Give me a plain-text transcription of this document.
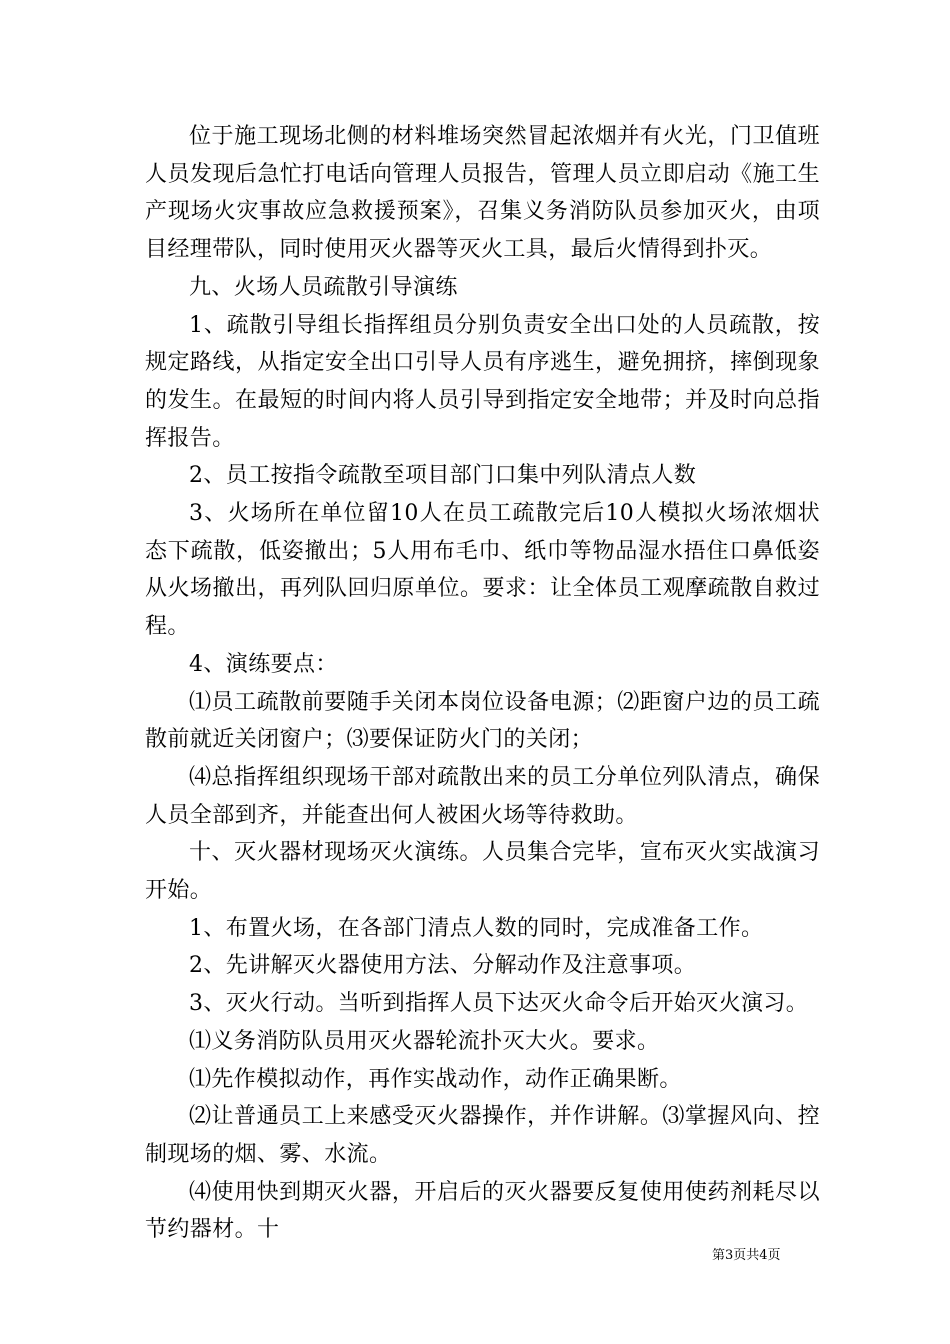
位于施工现场北侧的材料堆场突然冒起浓烟并有火光，门卫值班人员发现后急忙打电话向管理人员报告，管理人员立即启动《施工生产现场火灾事故应急救援预案》，召集义务消防队员参加灭火，由项目经理带队，同时使用灭火器等灭火工具，最后火情得到扑灭。

九、火场人员疏散引导演练

1、疏散引导组长指挥组员分别负责安全出口处的人员疏散，按规定路线，从指定安全出口引导人员有序逃生，避免拥挤，摔倒现象的发生。在最短的时间内将人员引导到指定安全地带；并及时向总指挥报告。

2、员工按指令疏散至项目部门口集中列队清点人数

3、火场所在单位留10人在员工疏散完后10人模拟火场浓烟状态下疏散，低姿撤出；5人用布毛巾、纸巾等物品湿水捂住口鼻低姿从火场撤出，再列队回归原单位。要求：让全体员工观摩疏散自救过程。

4、演练要点：

⑴员工疏散前要随手关闭本岗位设备电源；⑵距窗户边的员工疏散前就近关闭窗户；⑶要保证防火门的关闭；

⑷总指挥组织现场干部对疏散出来的员工分单位列队清点，确保人员全部到齐，并能查出何人被困火场等待救助。

十、灭火器材现场灭火演练。人员集合完毕，宣布灭火实战演习开始。

1、布置火场，在各部门清点人数的同时，完成准备工作。

2、先讲解灭火器使用方法、分解动作及注意事项。

3、灭火行动。当听到指挥人员下达灭火命令后开始灭火演习。

⑴义务消防队员用灭火器轮流扑灭大火。要求。

⑴先作模拟动作，再作实战动作，动作正确果断。

⑵让普通员工上来感受灭火器操作，并作讲解。⑶掌握风向、控制现场的烟、雾、水流。

⑷使用快到期灭火器，开启后的灭火器要反复使用使药剂耗尽以节约器材。十

第3页共4页
